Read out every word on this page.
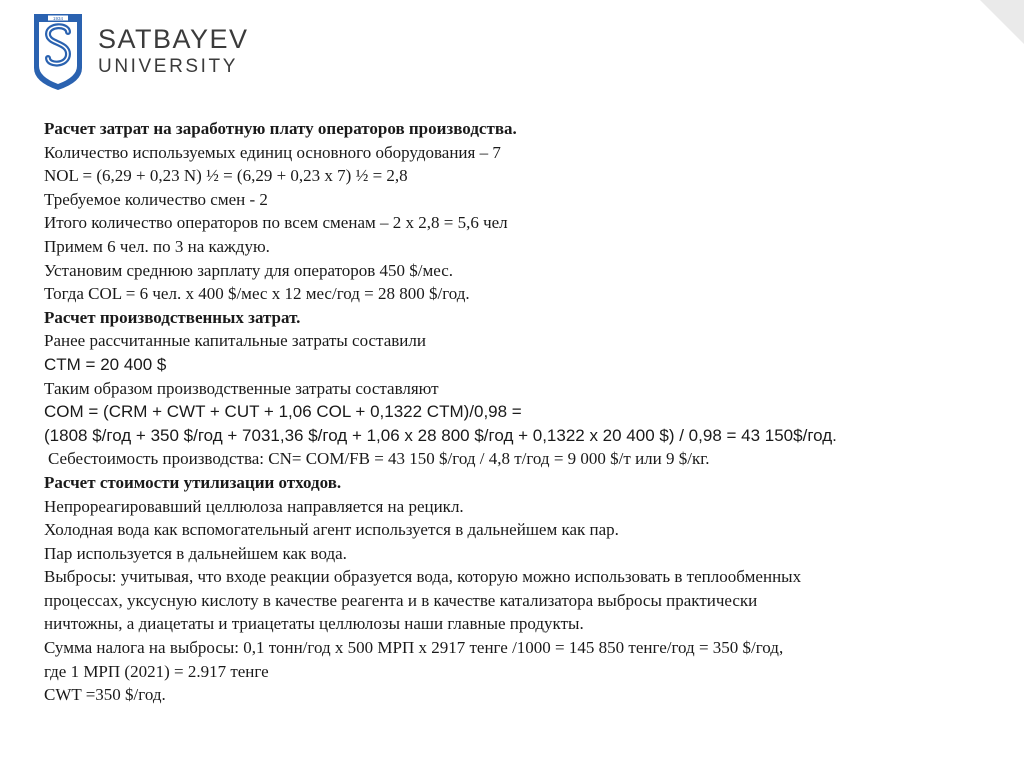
1934
SATBAYEV
UNIVERSITY
Расчет затрат на заработную плату операторов производства.
Количество используемых единиц основного оборудования – 7
NOL = (6,29 + 0,23 N) ½ = (6,29 + 0,23 x 7) ½ = 2,8
Требуемое количество смен - 2
Итого количество операторов по всем сменам – 2 x 2,8 = 5,6 чел
Примем 6 чел. по 3 на каждую.
Установим среднюю зарплату для операторов 450 $/мес.
Тогда COL = 6 чел. х 400 $/мес х 12 мес/год = 28 800 $/год.
Расчет производственных затрат.
Ранее рассчитанные капитальные затраты составили
CTM = 20 400 $
Таким образом производственные затраты составляют
COM = (CRM + CWT + CUT + 1,06 COL + 0,1322 CTM)/0,98 =
(1808 $/год + 350 $/год + 7031,36 $/год + 1,06 х 28 800 $/год + 0,1322 х 20 400 $) / 0,98 = 43 150$/год.
Себестоимость производства: CN= COM/FB = 43 150 $/год / 4,8 т/год = 9 000 $/т или 9 $/кг.
Расчет стоимости утилизации отходов.
Непрореагировавший целлюлоза направляется на рецикл.
Холодная вода как вспомогательный агент используется в дальнейшем как пар.
Пар используется в дальнейшем как вода.
Выбросы: учитывая, что входе реакции образуется вода, которую можно использовать в теплообменных
процессах, уксусную кислоту в качестве реагента и в качестве катализатора выбросы практически
ничтожны, а диацетаты и триацетаты целлюлозы наши главные продукты.
Сумма налога на выбросы: 0,1 тонн/год х 500 МРП х 2917 тенге /1000 = 145 850 тенге/год = 350 $/год,
где 1 МРП (2021) = 2.917 тенге
CWT =350 $/год.
